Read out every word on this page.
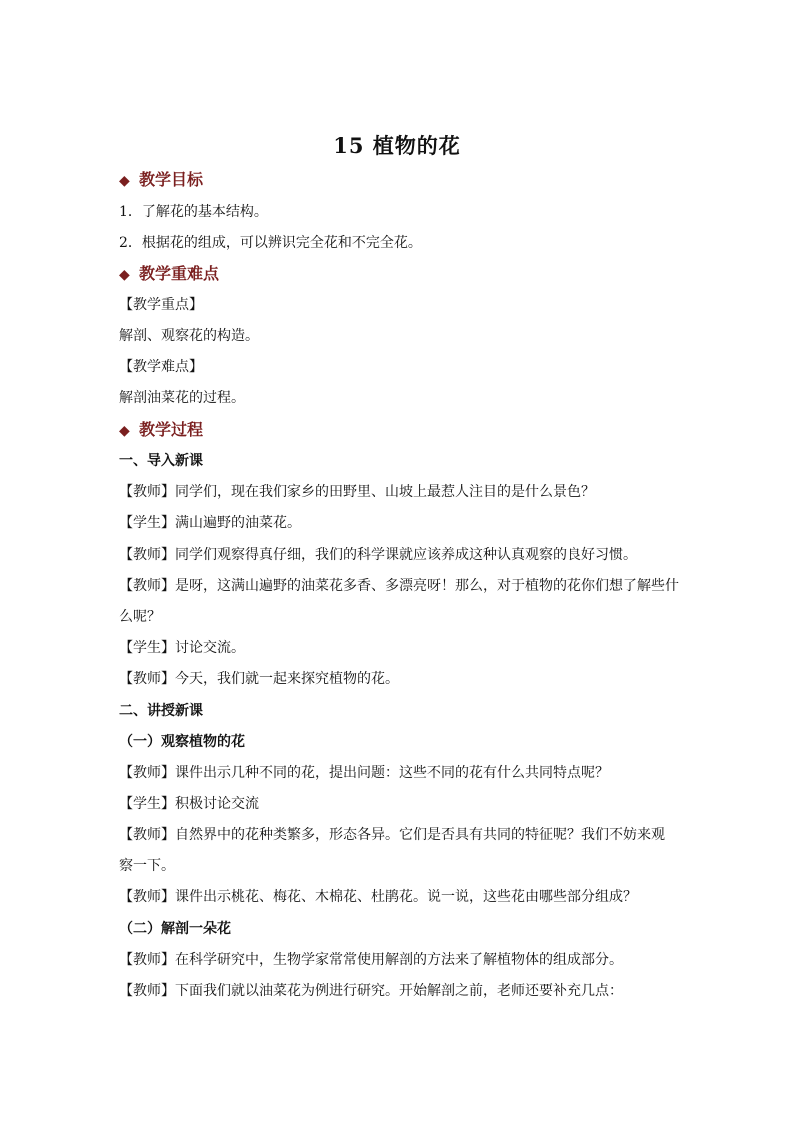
15 植物的花
◆ 教学目标
1．了解花的基本结构。
2．根据花的组成，可以辨识完全花和不完全花。
◆ 教学重难点
【教学重点】
解剖、观察花的构造。
【教学难点】
解剖油菜花的过程。
◆ 教学过程
一、导入新课
【教师】同学们，现在我们家乡的田野里、山坡上最惹人注目的是什么景色？
【学生】满山遍野的油菜花。
【教师】同学们观察得真仔细，我们的科学课就应该养成这种认真观察的良好习惯。
【教师】是呀，这满山遍野的油菜花多香、多漂亮呀！那么，对于植物的花你们想了解些什
么呢？
【学生】讨论交流。
【教师】今天，我们就一起来探究植物的花。
二、讲授新课
（一）观察植物的花
【教师】课件出示几种不同的花，提出问题：这些不同的花有什么共同特点呢？
【学生】积极讨论交流
【教师】自然界中的花种类繁多，形态各异。它们是否具有共同的特征呢？我们不妨来观
察一下。
【教师】课件出示桃花、梅花、木棉花、杜鹃花。说一说，这些花由哪些部分组成？
（二）解剖一朵花
【教师】在科学研究中，生物学家常常使用解剖的方法来了解植物体的组成部分。
【教师】下面我们就以油菜花为例进行研究。开始解剖之前，老师还要补充几点：
